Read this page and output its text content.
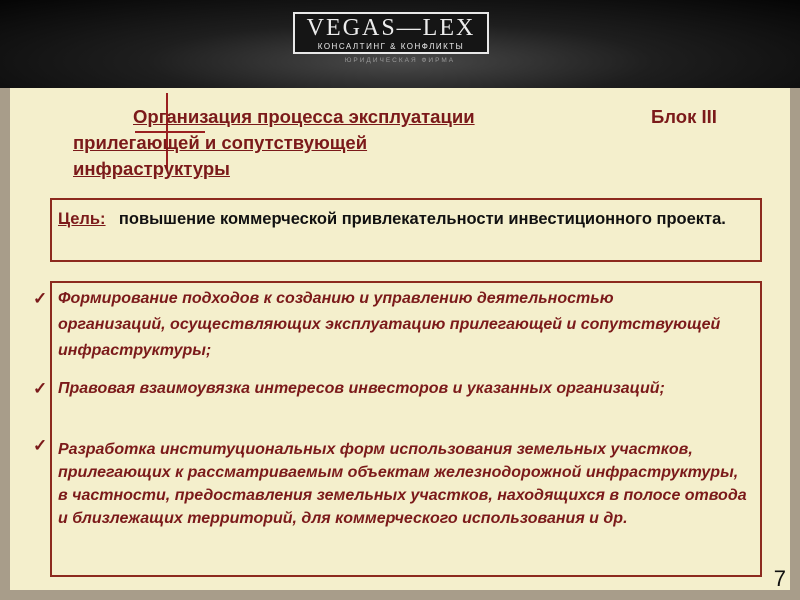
VEGAS—LEX
КОНСАЛТИНГ & КОНФЛИКТЫ
ЮРИДИЧЕСКАЯ ФИРМА
Организация процесса эксплуатации прилегающей и сопутствующей инфраструктуры
Блок III
Цель: повышение коммерческой привлекательности инвестиционного проекта.
✓
✓
✓
Формирование подходов к созданию и управлению деятельностью организаций, осуществляющих эксплуатацию прилегающей и сопутствующей инфраструктуры;
Правовая взаимоувязка интересов инвесторов и указанных организаций;
Разработка институциональных форм использования земельных участков, прилегающих к рассматриваемым объектам железнодорожной инфраструктуры, в частности, предоставления земельных участков, находящихся в полосе отвода и близлежащих территорий, для коммерческого использования и др.
7
